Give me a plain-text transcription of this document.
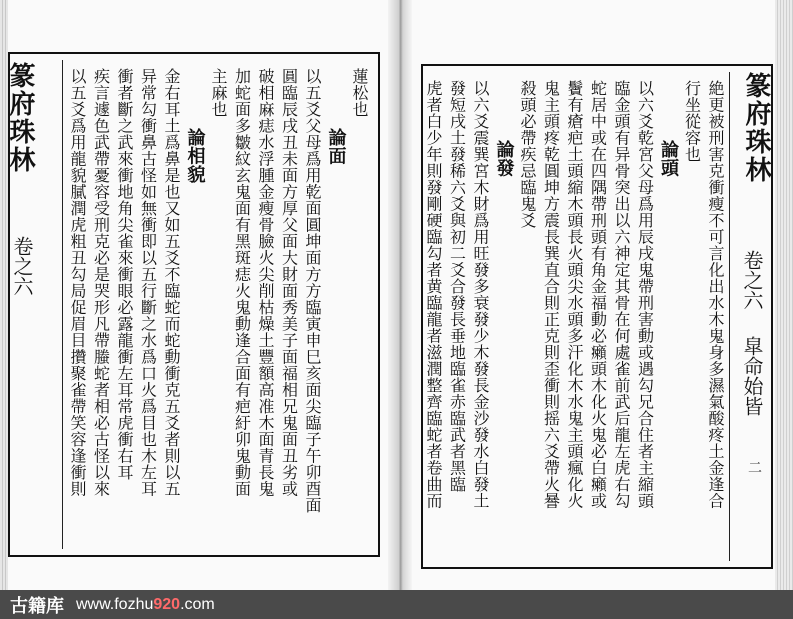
以五爻爲用龍貌膩潤虎粗丑勾局促眉目攢聚雀帶笑容逢衝則 疾言遽色武帶憂容受刑克必是哭形凡帶螣蛇者相必古怪以來 衝者斷之武來衝地角尖雀來衝眼必露龍衝左耳常虎衝右耳 异常勾衝鼻古怪如無衝即以五行斷之水爲口火爲目也木左耳 金右耳土爲鼻是也又如五爻不臨蛇而蛇動衝克五爻者則以五 論相貌
主麻也 加蛇面多皺紋玄鬼面有黑斑痣火鬼動逢合面有疤紆卯鬼動面 破相麻痣水浮腫金瘦骨臉火尖削枯燥土豐額高准木面青長鬼 圓臨辰戌丑未面方厚父面大財面秀美子面福相兄鬼面丑劣或 以五爻父母爲用乾面圓坤面方方臨寅申巳亥面尖臨子午卯酉面 論面
蓮松也
篆府珠林
卷之六	絶更被刑害克衝瘦不可言化出水木鬼身多濕氣酸疼土金逢合
行坐從容也
論頭
以六爻乾宮父母爲用辰戌鬼帶刑害動或遇勾兄合住者主縮頭
臨金頭有异骨突出以六神定其骨在何處雀前武后龍左虎右勾
蛇居中或在四隅帶刑頭有角金福動必癩頭木化火鬼必白癩或
鬢有瘡疤土頭縮木頭長火頭尖水頭多汗化木水鬼主頭瘋化火
鬼主頭疼乾圓坤方震長巽直合則正克則歪衝則摇六爻帶火謈
殺頭必帶疾忌臨鬼爻
論發
以六爻震巽宮木財爲用旺發多衰發少木發長金沙發水白發土
發短戌土發稀六爻與初二爻合發長垂地臨雀赤臨武者黑臨
虎者白少年則發剛硬臨勾者黄臨龍者滋潤整齊臨蛇者卷曲而	篆府珠林
卷之六
皐命始皆
二
古籍库 www.fozhu920.com
